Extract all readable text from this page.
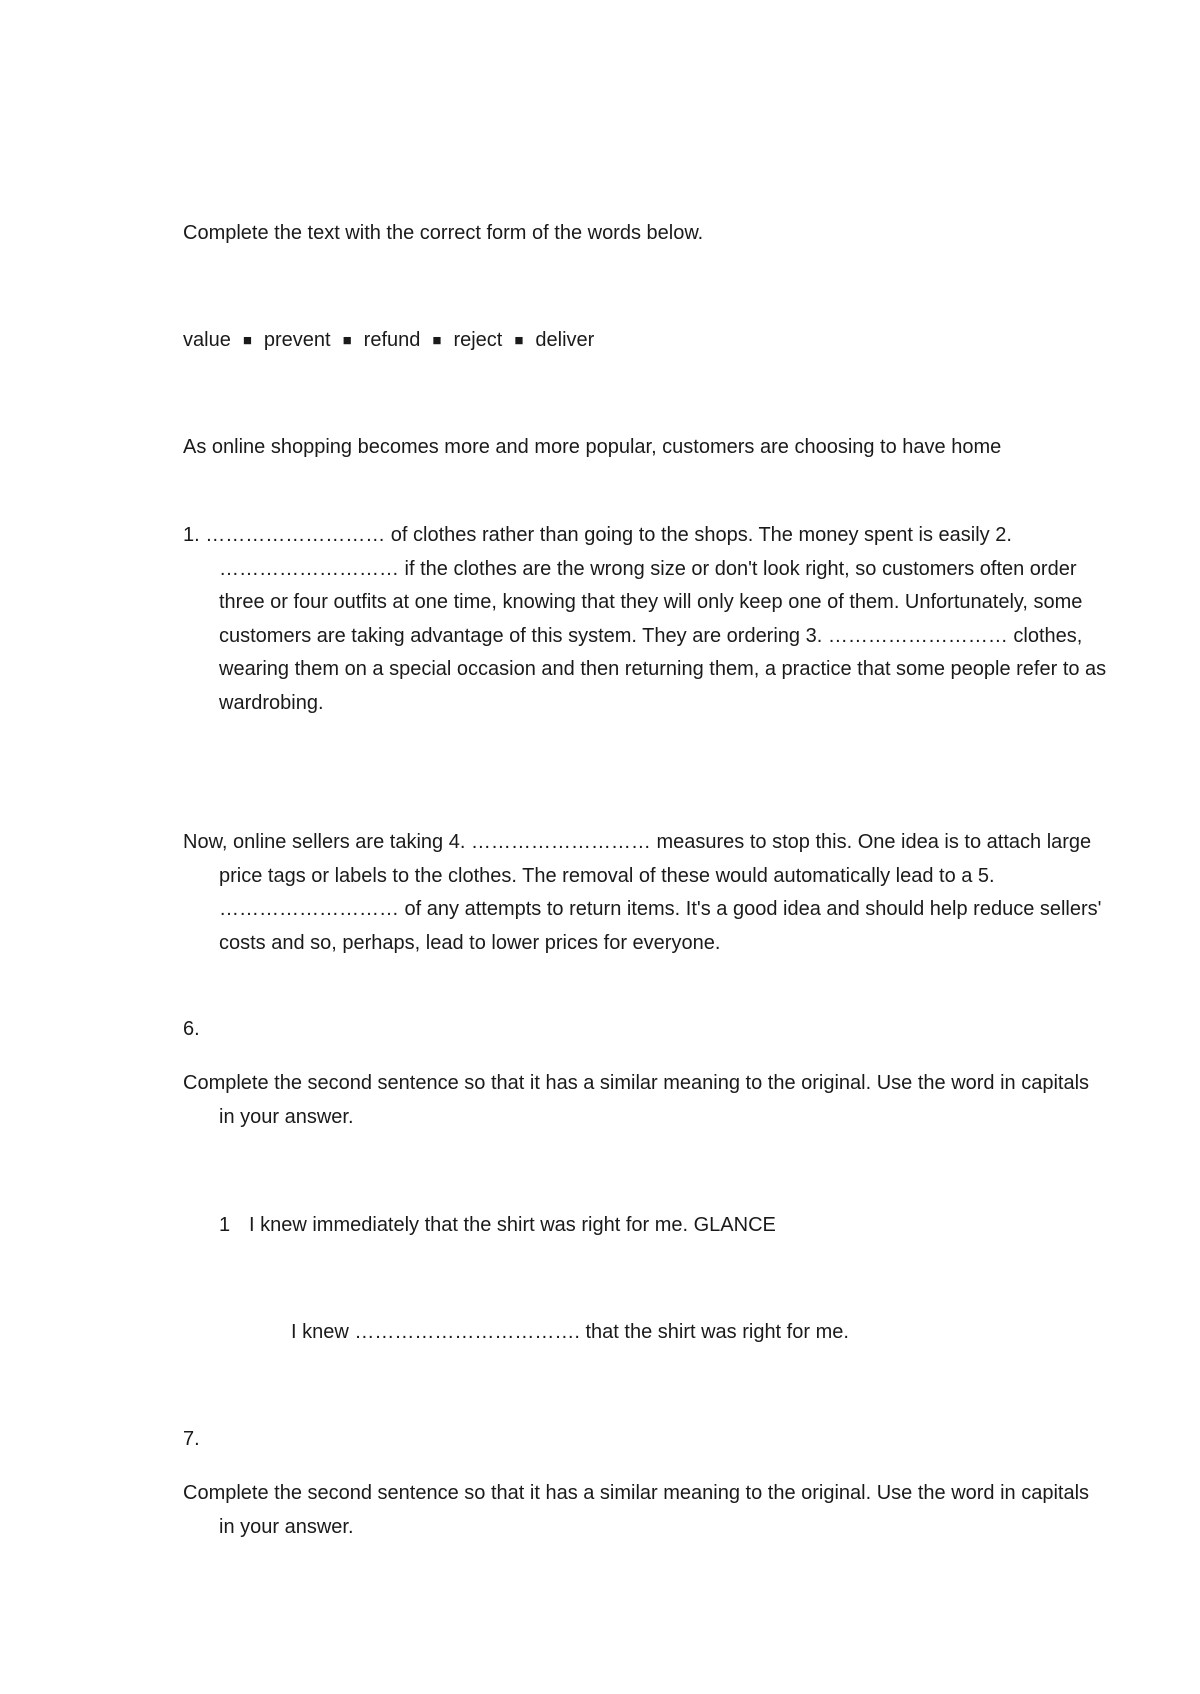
Complete the text with the correct form of the words below.

value ■ prevent ■ refund ■ reject ■ deliver

As online shopping becomes more and more popular, customers are choosing to have home

1. ……………………… of clothes rather than going to the shops. The money spent is easily 2. ……………………… if the clothes are the wrong size or don't look right, so customers often order three or four outfits at one time, knowing that they will only keep one of them. Unfortunately, some customers are taking advantage of this system. They are ordering 3. ……………………… clothes, wearing them on a special occasion and then returning them, a practice that some people refer to as wardrobing.

Now, online sellers are taking 4. ……………………… measures to stop this. One idea is to attach large price tags or labels to the clothes. The removal of these would automatically lead to a 5. ……………………… of any attempts to return items. It's a good idea and should help reduce sellers' costs and so, perhaps, lead to lower prices for everyone.

6.

Complete the second sentence so that it has a similar meaning to the original. Use the word in capitals in your answer.

1 I knew immediately that the shirt was right for me. GLANCE

I knew ……………………………. that the shirt was right for me.

7.

Complete the second sentence so that it has a similar meaning to the original. Use the word in capitals in your answer.
